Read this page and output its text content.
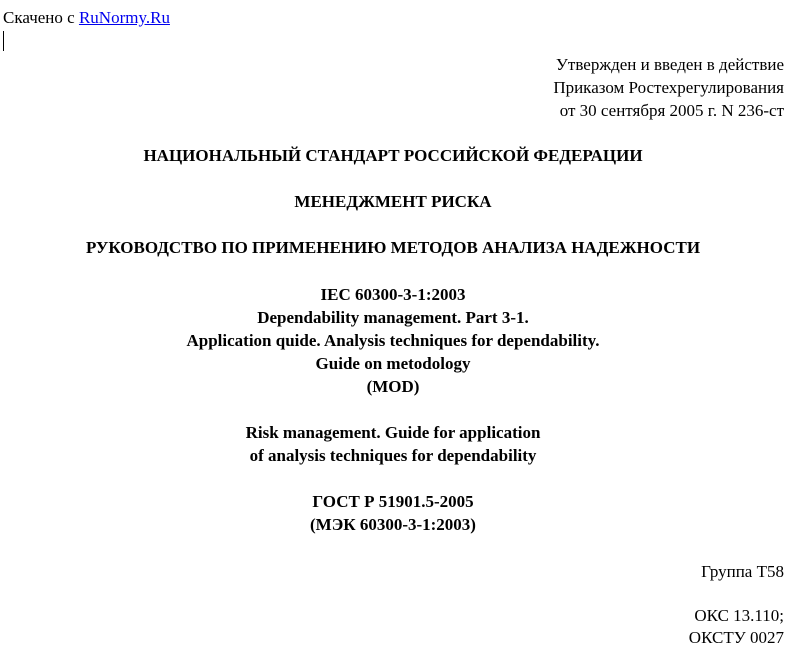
Скачено с RuNormy.Ru
Утвержден и введен в действие
Приказом Ростехрегулирования
от 30 сентября 2005 г. N 236-ст
НАЦИОНАЛЬНЫЙ СТАНДАРТ РОССИЙСКОЙ ФЕДЕРАЦИИ
МЕНЕДЖМЕНТ РИСКА
РУКОВОДСТВО ПО ПРИМЕНЕНИЮ МЕТОДОВ АНАЛИЗА НАДЕЖНОСТИ
IEC 60300-3-1:2003
Dependability management. Part 3-1.
Application quide. Analysis techniques for dependability.
Guide on metodology
(MOD)
Risk management. Guide for application
of analysis techniques for dependability
ГОСТ Р 51901.5-2005
(МЭК 60300-3-1:2003)
Группа Т58
ОКС 13.110;
ОКСТУ 0027
